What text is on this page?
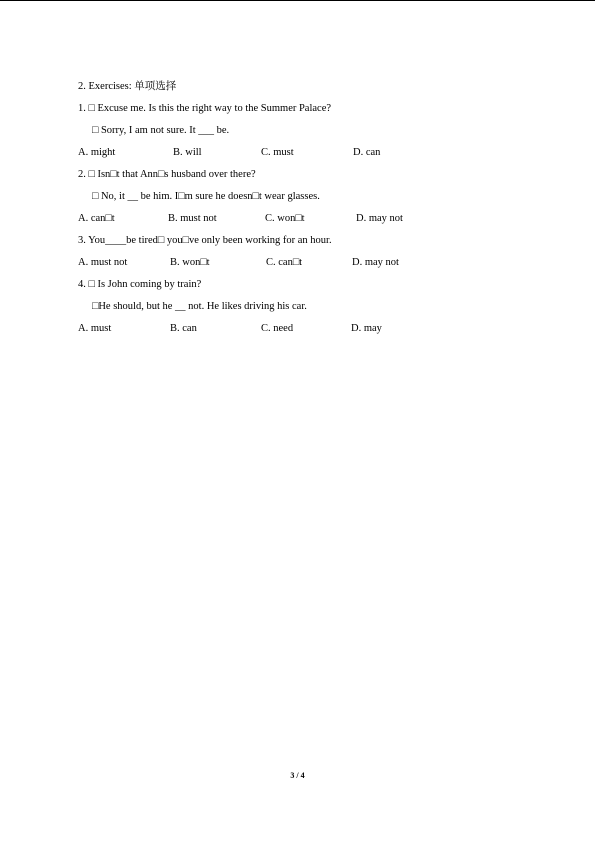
2. Exercises: 单项选择
1. □ Excuse me. Is this the right way to the Summer Palace?
□ Sorry, I am not sure. It ___ be.
A. might	B. will	C. must	D. can
2. □ Isn□t that Ann□s husband over there?
□ No, it __ be him. I□m sure he doesn□t wear glasses.
A. can□t	B. must not	C. won□t	D. may not
3. You____be tired□ you□ve only been working for an hour.
A. must not	B. won□t	C. can□t	D. may not
4. □ Is John coming by train?
□He should, but he __ not. He likes driving his car.
A. must	B. can	C. need	D. may
3 / 4
